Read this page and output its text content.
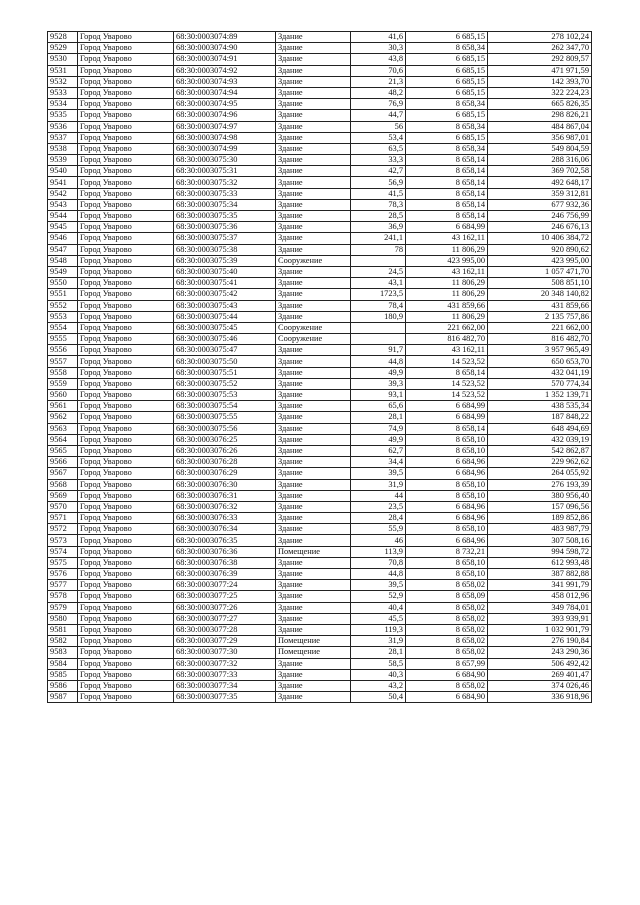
9528	Город Уварово	68:30:0003074:89	Здание	41,6	6 685,15	278 102,24
9529	Город Уварово	68:30:0003074:90	Здание	30,3	8 658,34	262 347,70
9530	Город Уварово	68:30:0003074:91	Здание	43,8	6 685,15	292 809,57
9531	Город Уварово	68:30:0003074:92	Здание	70,6	6 685,15	471 971,59
9532	Город Уварово	68:30:0003074:93	Здание	21,3	6 685,15	142 393,70
9533	Город Уварово	68:30:0003074:94	Здание	48,2	6 685,15	322 224,23
9534	Город Уварово	68:30:0003074:95	Здание	76,9	8 658,34	665 826,35
9535	Город Уварово	68:30:0003074:96	Здание	44,7	6 685,15	298 826,21
9536	Город Уварово	68:30:0003074:97	Здание	56	8 658,34	484 867,04
9537	Город Уварово	68:30:0003074:98	Здание	53,4	6 685,15	356 987,01
9538	Город Уварово	68:30:0003074:99	Здание	63,5	8 658,34	549 804,59
9539	Город Уварово	68:30:0003075:30	Здание	33,3	8 658,14	288 316,06
9540	Город Уварово	68:30:0003075:31	Здание	42,7	8 658,14	369 702,58
9541	Город Уварово	68:30:0003075:32	Здание	56,9	8 658,14	492 648,17
9542	Город Уварово	68:30:0003075:33	Здание	41,5	8 658,14	359 312,81
9543	Город Уварово	68:30:0003075:34	Здание	78,3	8 658,14	677 932,36
9544	Город Уварово	68:30:0003075:35	Здание	28,5	8 658,14	246 756,99
9545	Город Уварово	68:30:0003075:36	Здание	36,9	6 684,99	246 676,13
9546	Город Уварово	68:30:0003075:37	Здание	241,1	43 162,11	10 406 384,72
9547	Город Уварово	68:30:0003075:38	Здание	78	11 806,29	920 890,62
9548	Город Уварово	68:30:0003075:39	Сооружение		423 995,00	423 995,00
9549	Город Уварово	68:30:0003075:40	Здание	24,5	43 162,11	1 057 471,70
9550	Город Уварово	68:30:0003075:41	Здание	43,1	11 806,29	508 851,10
9551	Город Уварово	68:30:0003075:42	Здание	1723,5	11 806,29	20 348 140,82
9552	Город Уварово	68:30:0003075:43	Здание	78,4	431 859,66	431 859,66
9553	Город Уварово	68:30:0003075:44	Здание	180,9	11 806,29	2 135 757,86
9554	Город Уварово	68:30:0003075:45	Сооружение		221 662,00	221 662,00
9555	Город Уварово	68:30:0003075:46	Сооружение		816 482,70	816 482,70
9556	Город Уварово	68:30:0003075:47	Здание	91,7	43 162,11	3 957 965,49
9557	Город Уварово	68:30:0003075:50	Здание	44,8	14 523,52	650 653,70
9558	Город Уварово	68:30:0003075:51	Здание	49,9	8 658,14	432 041,19
9559	Город Уварово	68:30:0003075:52	Здание	39,3	14 523,52	570 774,34
9560	Город Уварово	68:30:0003075:53	Здание	93,1	14 523,52	1 352 139,71
9561	Город Уварово	68:30:0003075:54	Здание	65,6	6 684,99	438 535,34
9562	Город Уварово	68:30:0003075:55	Здание	28,1	6 684,99	187 848,22
9563	Город Уварово	68:30:0003075:56	Здание	74,9	8 658,14	648 494,69
9564	Город Уварово	68:30:0003076:25	Здание	49,9	8 658,10	432 039,19
9565	Город Уварово	68:30:0003076:26	Здание	62,7	8 658,10	542 862,87
9566	Город Уварово	68:30:0003076:28	Здание	34,4	6 684,96	229 962,62
9567	Город Уварово	68:30:0003076:29	Здание	39,5	6 684,96	264 055,92
9568	Город Уварово	68:30:0003076:30	Здание	31,9	8 658,10	276 193,39
9569	Город Уварово	68:30:0003076:31	Здание	44	8 658,10	380 956,40
9570	Город Уварово	68:30:0003076:32	Здание	23,5	6 684,96	157 096,56
9571	Город Уварово	68:30:0003076:33	Здание	28,4	6 684,96	189 852,86
9572	Город Уварово	68:30:0003076:34	Здание	55,9	8 658,10	483 987,79
9573	Город Уварово	68:30:0003076:35	Здание	46	6 684,96	307 508,16
9574	Город Уварово	68:30:0003076:36	Помещение	113,9	8 732,21	994 598,72
9575	Город Уварово	68:30:0003076:38	Здание	70,8	8 658,10	612 993,48
9576	Город Уварово	68:30:0003076:39	Здание	44,8	8 658,10	387 882,88
9577	Город Уварово	68:30:0003077:24	Здание	39,5	8 658,02	341 991,79
9578	Город Уварово	68:30:0003077:25	Здание	52,9	8 658,09	458 012,96
9579	Город Уварово	68:30:0003077:26	Здание	40,4	8 658,02	349 784,01
9580	Город Уварово	68:30:0003077:27	Здание	45,5	8 658,02	393 939,91
9581	Город Уварово	68:30:0003077:28	Здание	119,3	8 658,02	1 032 901,79
9582	Город Уварово	68:30:0003077:29	Помещение	31,9	8 658,02	276 190,84
9583	Город Уварово	68:30:0003077:30	Помещение	28,1	8 658,02	243 290,36
9584	Город Уварово	68:30:0003077:32	Здание	58,5	8 657,99	506 492,42
9585	Город Уварово	68:30:0003077:33	Здание	40,3	6 684,90	269 401,47
9586	Город Уварово	68:30:0003077:34	Здание	43,2	8 658,02	374 026,46
9587	Город Уварово	68:30:0003077:35	Здание	50,4	6 684,90	336 918,96
